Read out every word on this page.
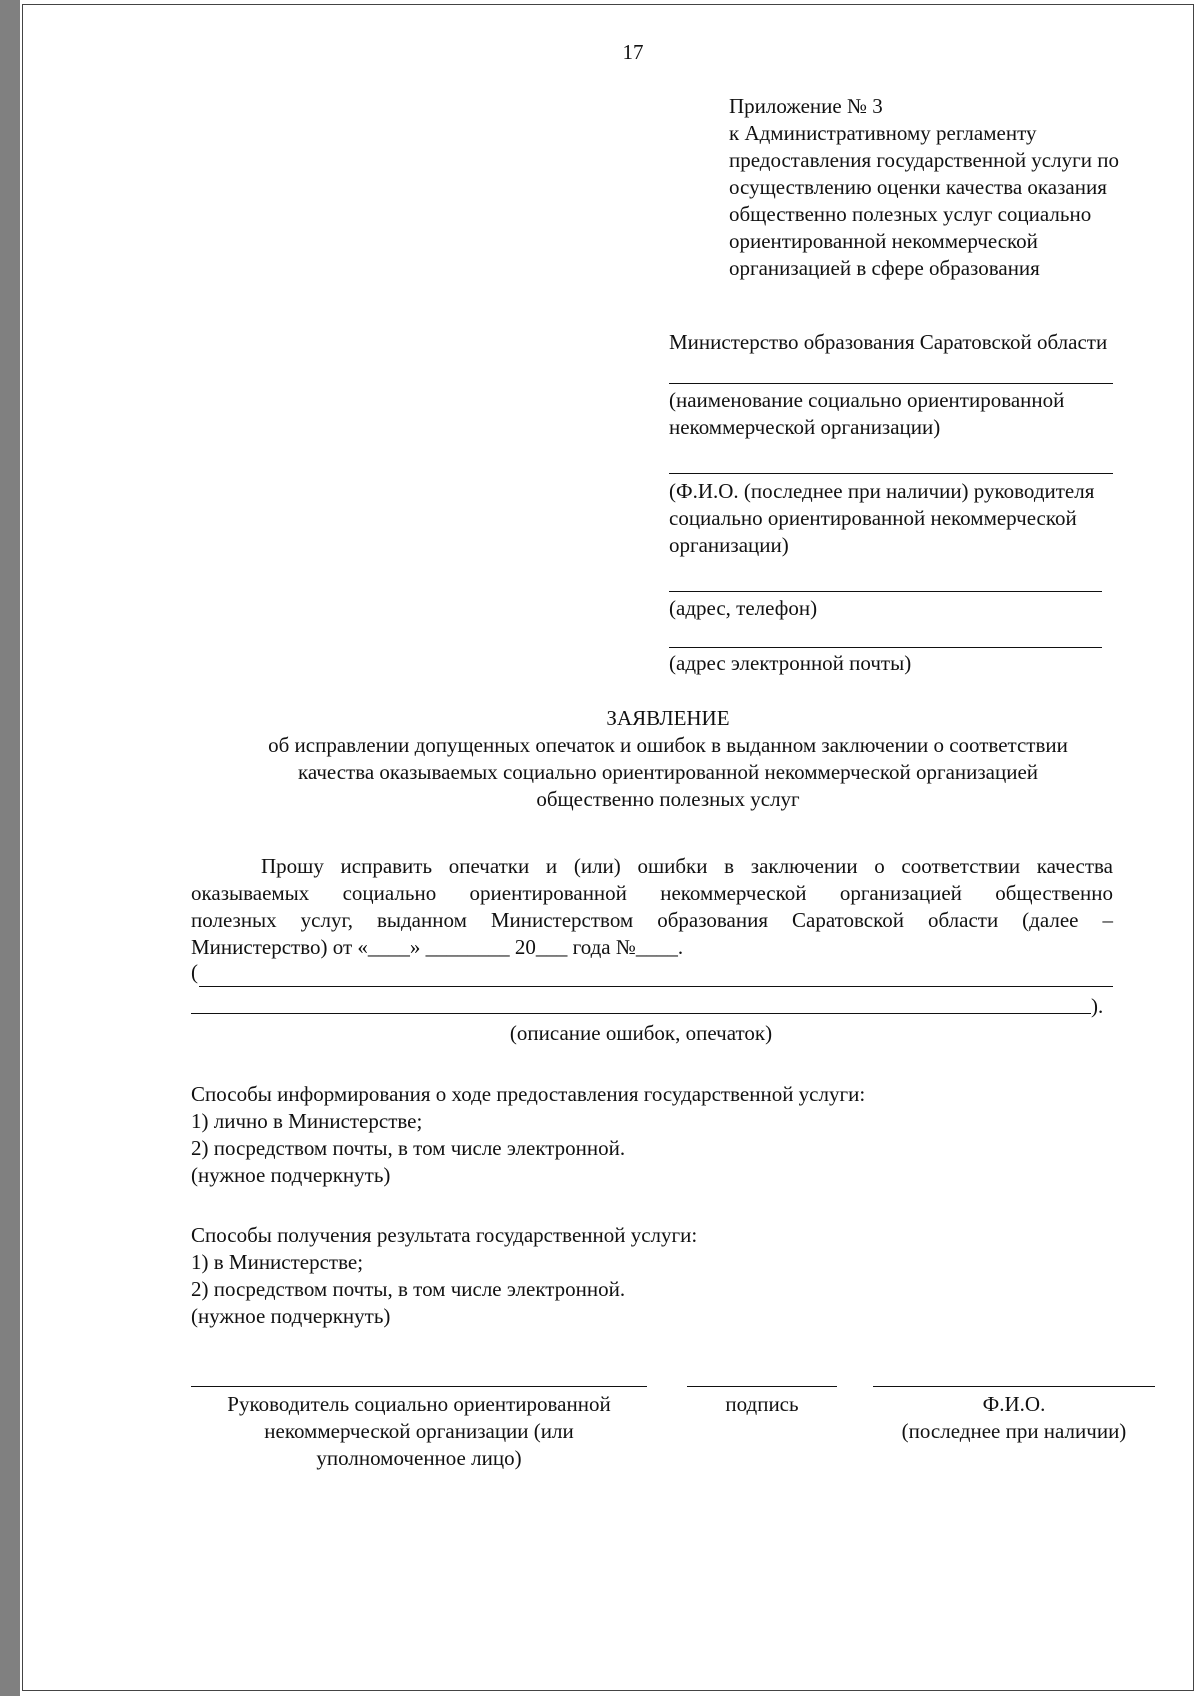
17
Приложение № 3
к Административному регламенту
предоставления государственной услуги по
осуществлению оценки качества оказания
общественно полезных услуг социально
ориентированной некоммерческой
организацией в сфере образования
Министерство образования Саратовской области
(наименование социально ориентированной
некоммерческой организации)
(Ф.И.О. (последнее при наличии) руководителя
социально ориентированной некоммерческой
организации)
(адрес, телефон)
(адрес электронной почты)
ЗАЯВЛЕНИЕ
об исправлении допущенных опечаток и ошибок в выданном заключении о соответствии
качества оказываемых социально ориентированной некоммерческой организацией
общественно полезных услуг
Прошу исправить опечатки и (или) ошибки в заключении о соответствии качества
оказываемых социально ориентированной некоммерческой организацией общественно
полезных услуг, выданном Министерством образования Саратовской области (далее –
Министерство) от «____» ________ 20___ года №____.
(
).
(описание ошибок, опечаток)
Способы информирования о ходе предоставления государственной услуги:
1) лично в Министерстве;
2) посредством почты, в том числе электронной.
(нужное подчеркнуть)
Способы получения результата государственной услуги:
1) в Министерстве;
2) посредством почты, в том числе электронной.
(нужное подчеркнуть)
Руководитель социально ориентированной
некоммерческой организации (или
уполномоченное лицо)
подпись	Ф.И.О.
(последнее при наличии)
